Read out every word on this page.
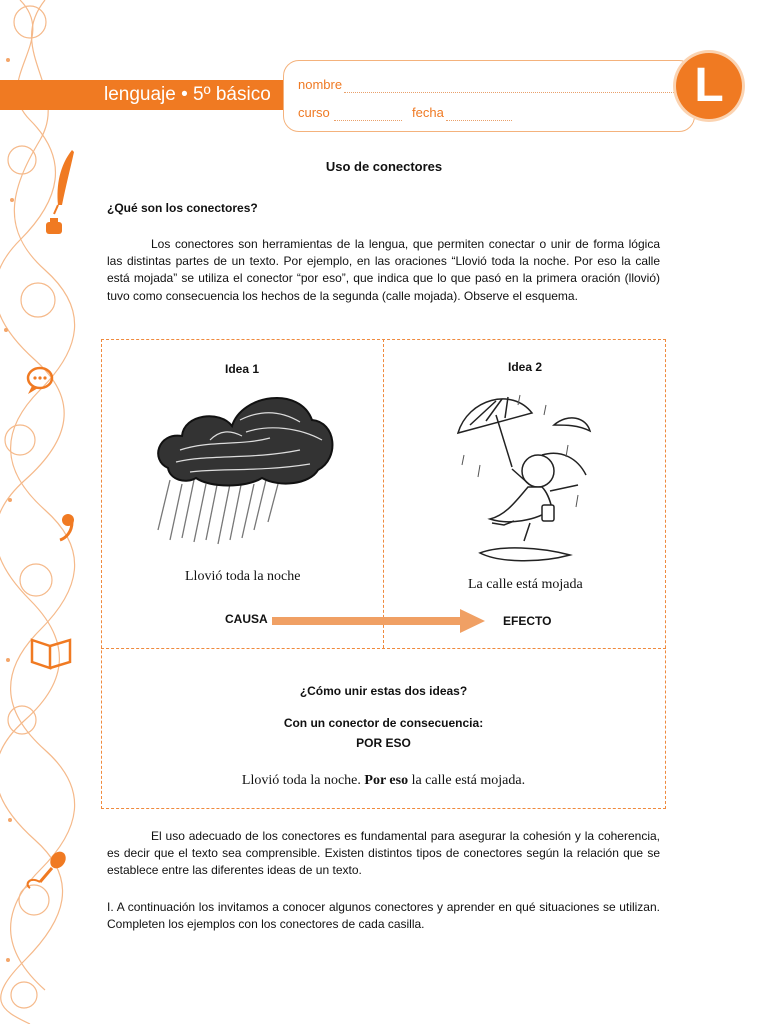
lenguaje • 5º básico nombre
curso	fecha
L
Uso de conectores
¿Qué son los conectores?

Los conectores son herramientas de la lengua, que permiten conectar o unir de forma lógica las distintas partes de un texto. Por ejemplo, en las oraciones “Llovió toda la noche. Por eso la calle está mojada” se utiliza el conector “por eso”, que indica que lo que pasó en la primera oración (llovió) tuvo como consecuencia los hechos de la segunda (calle mojada). Observe el esquema.

Idea 1	Idea 2
Llovió toda la noche
La calle está mojada
CAUSA	EFECTO
¿Cómo unir estas dos ideas?
Con un conector de consecuencia:
POR ESO
Llovió toda la noche. Por eso la calle está mojada.

El uso adecuado de los conectores es fundamental para asegurar la cohesión y la coherencia, es decir que el texto sea comprensible. Existen distintos tipos de conectores según la relación que se establece entre las diferentes ideas de un texto.

I. A continuación los invitamos a conocer algunos conectores y aprender en qué situaciones se utilizan. Completen los ejemplos con los conectores de cada casilla.
